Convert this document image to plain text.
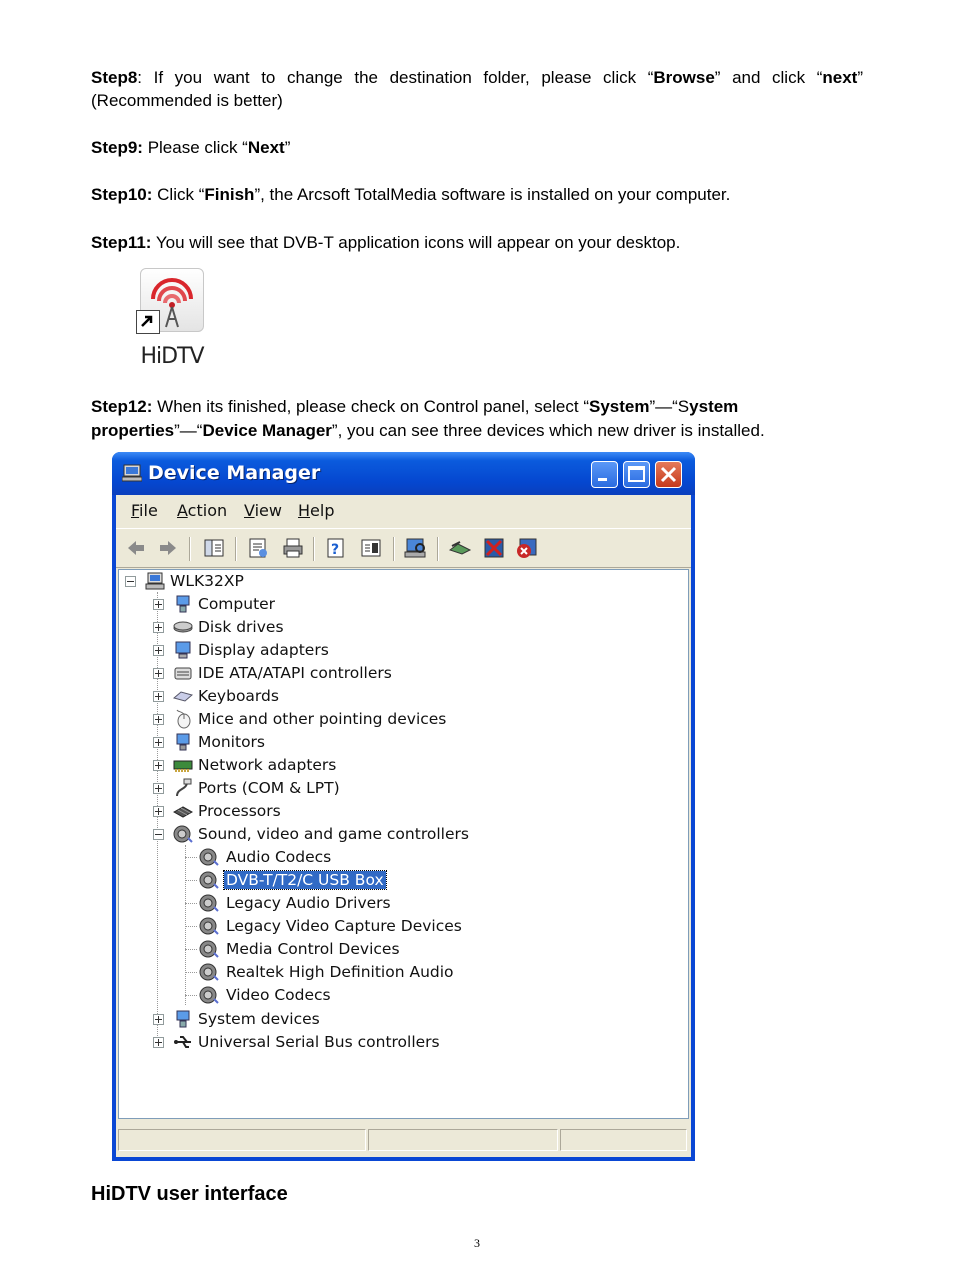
Step8: If you want to change the destination folder, please click “Browse” and click “next”
(Recommended is better)
Step9: Please click “Next”
Step10: Click “Finish”, the Arcsoft TotalMedia software is installed on your computer.
Step11: You will see that DVB-T application icons will appear on your desktop.
HiDTV
Step12: When its finished, please check on Control panel, select “System”—“System
properties”—“Device Manager”, you can see three devices which new driver is installed.
Device Manager
File Action View Help
?
WLK32XP
Computer
Disk drives
Display adapters
IDE ATA/ATAPI controllers
Keyboards
Mice and other pointing devices
Monitors
Network adapters
Ports (COM & LPT)
Processors
Sound, video and game controllers
Audio Codecs
DVB-T/T2/C USB Box
Legacy Audio Drivers
Legacy Video Capture Devices
Media Control Devices
Realtek High Definition Audio
Video Codecs
System devices
Universal Serial Bus controllers
HiDTV user interface
3
